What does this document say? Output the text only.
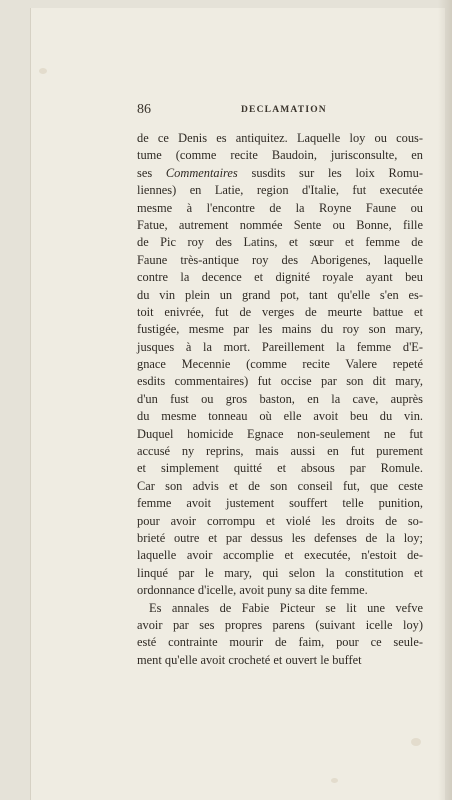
86	DECLAMATION
de ce Denis es antiquitez. Laquelle loy ou cous-
tume (comme recite Baudoin, jurisconsulte, en
ses Commentaires susdits sur les loix Romu-
liennes) en Latie, region d'Italie, fut executée
mesme à l'encontre de la Royne Faune ou
Fatue, autrement nommée Sente ou Bonne, fille
de Pic roy des Latins, et sœur et femme de
Faune très-antique roy des Aborigenes, laquelle
contre la decence et dignité royale ayant beu
du vin plein un grand pot, tant qu'elle s'en es-
toit enivrée, fut de verges de meurte battue et
fustigée, mesme par les mains du roy son mary,
jusques à la mort. Pareillement la femme d'E-
gnace Mecennie (comme recite Valere repeté
esdits commentaires) fut occise par son dit mary,
d'un fust ou gros baston, en la cave, auprès
du mesme tonneau où elle avoit beu du vin.
Duquel homicide Egnace non-seulement ne fut
accusé ny reprins, mais aussi en fut purement
et simplement quitté et absous par Romule.
Car son advis et de son conseil fut, que ceste
femme avoit justement souffert telle punition,
pour avoir corrompu et violé les droits de so-
brieté outre et par dessus les defenses de la loy;
laquelle avoir accomplie et executée, n'estoit de-
linqué par le mary, qui selon la constitution et
ordonnance d'icelle, avoit puny sa dite femme.
Es annales de Fabie Picteur se lit une vefve
avoir par ses propres parens (suivant icelle loy)
esté contrainte mourir de faim, pour ce seule-
ment qu'elle avoit crocheté et ouvert le buffet
